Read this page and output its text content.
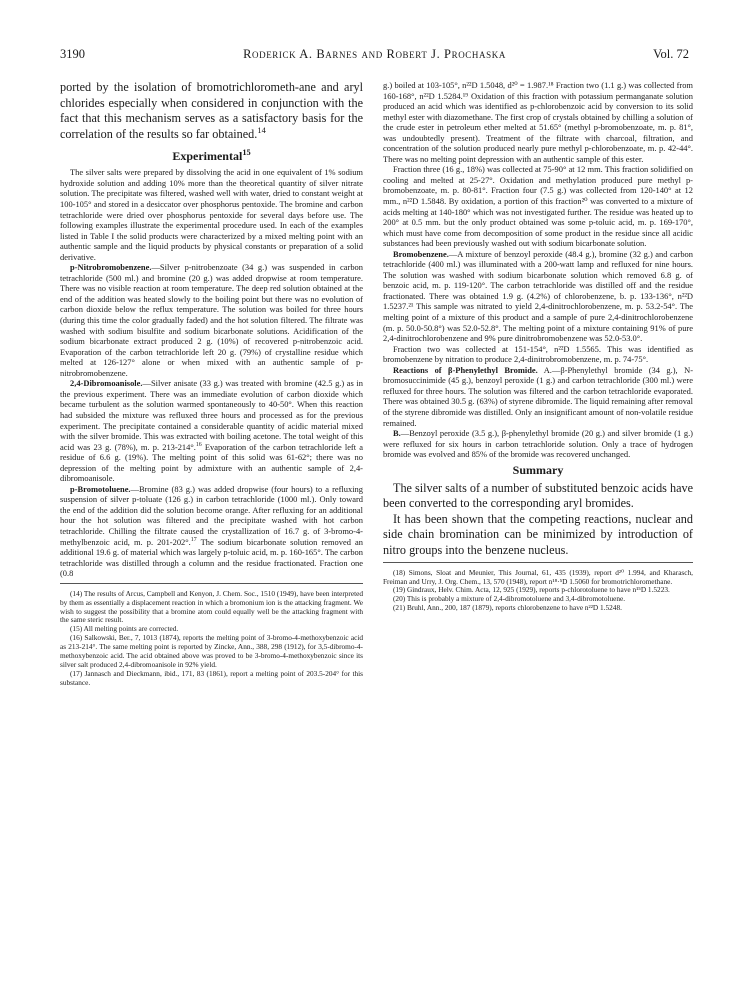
3190	Roderick A. Barnes and Robert J. Prochaska	Vol. 72

ported by the isolation of bromotrichlorometh-ane and aryl chlorides especially when considered in conjunction with the fact that this mechanism serves as a satisfactory basis for the correlation of the results so far obtained.$^{14}$

Experimental$^{15}$

The silver salts were prepared by dissolving the acid in one equivalent of 1% sodium hydroxide solution and adding 10% more than the theoretical quantity of silver nitrate solution. The precipitate was filtered, washed well with water, dried to constant weight at 100-105° and stored in a desiccator over phosphorus pentoxide. The bromine and carbon tetrachloride were dried over phosphorus pentoxide for several days before use. The following examples illustrate the experimental procedure used. In each of the examples listed in Table I the solid products were characterized by a mixed melting point with an authentic sample and the liquid products by physical constants or preparation of a solid derivative.

p-Nitrobromobenzene.—Silver p-nitrobenzoate (34 g.) was suspended in carbon tetrachloride (500 ml.) and bromine (20 g.) was added dropwise at room temperature. There was no visible reaction at room temperature. The deep red solution obtained at the end of the addition was heated slowly to the boiling point but there was no evolution of carbon dioxide below the reflux temperature. The solution was boiled for three hours (during this time the color gradually faded) and the hot solution filtered. The filtrate was washed with sodium bisulfite and sodium bicarbonate solutions. Acidification of the sodium bicarbonate extract produced 2 g. (10%) of recovered p-nitrobenzoic acid. Evaporation of the carbon tetrachloride left 20 g. (79%) of crystalline residue which melted at 126-127° alone or when mixed with an authentic sample of p-nitrobromobenzene.

2,4-Dibromoanisole.—Silver anisate (33 g.) was treated with bromine (42.5 g.) as in the previous experiment. There was an immediate evolution of carbon dioxide which became turbulent as the solution warmed spontaneously to 40-50°. When this reaction had subsided the mixture was refluxed three hours and processed as for the previous experiment. The precipitate contained a considerable quantity of acidic material mixed with the silver bromide. This was extracted with boiling acetone. The total weight of this acid was 23 g. (78%), m. p. 213-214°.$^{16}$ Evaporation of the carbon tetrachloride left a residue of 6.6 g. (19%). The melting point of this solid was 61-62°; there was no depression of the melting point by admixture with an authentic sample of 2,4-dibromoanisole.

p-Bromotoluene.—Bromine (83 g.) was added dropwise (four hours) to a refluxing suspension of silver p-toluate (126 g.) in carbon tetrachloride (1000 ml.). Only toward the end of the addition did the solution become orange. After refluxing for an additional hour the hot solution was filtered and the precipitate washed with hot carbon tetrachloride. Chilling the filtrate caused the crystallization of 16.7 g. of 3-bromo-4-methylbenzoic acid, m. p. 201-202°.$^{17}$ The sodium bicarbonate solution removed an additional 19.6 g. of material which was largely p-toluic acid, m. p. 160-165°. The carbon tetrachloride was distilled through a column and the residue fractionated. Fraction one (0.8

(14) The results of Arcus, Campbell and Kenyon, J. Chem. Soc., 1510 (1949), have been interpreted by them as essentially a displacement reaction in which a bromonium ion is the attacking fragment. We wish to suggest the possibility that a bromine atom could equally well be the attacking fragment with the same steric result.

(15) All melting points are corrected.

(16) Salkowski, Ber., 7, 1013 (1874), reports the melting point of 3-bromo-4-methoxybenzoic acid as 213-214°. The same melting point is reported by Zincke, Ann., 388, 298 (1912), for 3,5-dibromo-4-methoxybenzoic acid. The acid obtained above was proved to be 3-bromo-4-methoxybenzoic since its silver salt produced 2,4-dibromoanisole in 92% yield.

(17) Jannasch and Dieckmann, ibid., 171, 83 (1861), report a melting point of 203.5-204° for this substance.

g.) boiled at 103-105°, n²²D 1.5048, d²⁰ = 1.987.¹⁸ Fraction two (1.1 g.) was collected from 160-168°, n²²D 1.5284.¹⁹ Oxidation of this fraction with potassium permanganate solution produced an acid which was identified as p-chlorobenzoic acid by conversion to its solid methyl ester with diazomethane. The first crop of crystals obtained by chilling a solution of the crude ester in petroleum ether melted at 51.65° (methyl p-bromobenzoate, m. p. 81°, was undoubtedly present). Treatment of the filtrate with charcoal, filtration, and concentration of the solution produced nearly pure methyl p-chlorobenzoate, m. p. 42-44°. There was no melting point depression with an authentic sample of this ester.

Fraction three (16 g., 18%) was collected at 75-90° at 12 mm. This fraction solidified on cooling and melted at 25-27°. Oxidation and methylation produced pure methyl p-bromobenzoate, m. p. 80-81°. Fraction four (7.5 g.) was collected from 120-140° at 12 mm., n²²D 1.5848. By oxidation, a portion of this fraction²⁰ was converted to a mixture of acids melting at 140-180° which was not investigated further. The residue was heated up to 200° at 0.5 mm. but the only product obtained was some p-toluic acid, m. p. 169-170°, which must have come from decomposition of some product in the residue since all acidic substances had been previously washed out with sodium bicarbonate solution.

Bromobenzene.—A mixture of benzoyl peroxide (48.4 g.), bromine (32 g.) and carbon tetrachloride (400 ml.) was illuminated with a 200-watt lamp and refluxed for nine hours. The solution was washed with sodium bicarbonate solution which removed 6.8 g. of benzoic acid, m. p. 119-120°. The carbon tetrachloride was distilled off and the residue fractionated. There was obtained 1.9 g. (4.2%) of chlorobenzene, b. p. 133-136°, n²²D 1.5237.²¹ This sample was nitrated to yield 2,4-dinitrochlorobenzene, m. p. 53.2-54°. The melting point of a mixture of this product and a sample of pure 2,4-dinitrochlorobenzene (m. p. 50.0-50.8°) was 52.0-52.8°. The melting point of a mixture containing 91% of pure 2,4-dinitrochlorobenzene and 9% pure dinitrobromobenzene was 52.0-53.0°.

Fraction two was collected at 151-154°, n²²D 1.5565. This was identified as bromobenzene by nitration to produce 2,4-dinitrobromobenzene, m. p. 74-75°.

Reactions of β-Phenylethyl Bromide. A.—β-Phenylethyl bromide (34 g.), N-bromosuccinimide (45 g.), benzoyl peroxide (1 g.) and carbon tetrachloride (300 ml.) were refluxed for three hours. The solution was filtered and the carbon tetrachloride evaporated. There was obtained 30.5 g. (63%) of styrene dibromide. The liquid remaining after removal of the styrene dibromide was distilled. Only an insignificant amount of non-volatile residue remained.

B.—Benzoyl peroxide (3.5 g.), β-phenylethyl bromide (20 g.) and silver bromide (1 g.) were refluxed for six hours in carbon tetrachloride solution. Only a trace of hydrogen bromide was evolved and 85% of the bromide was recovered unchanged.

Summary

The silver salts of a number of substituted benzoic acids have been converted to the corresponding aryl bromides.

It has been shown that the competing reactions, nuclear and side chain bromination can be minimized by introduction of nitro groups into the benzene nucleus.

(18) Simons, Sloat and Meunier, This Journal, 61, 435 (1939), report d²⁰ 1.994, and Kharasch, Freiman and Urry, J. Org. Chem., 13, 570 (1948), report n¹⁸·⁵D 1.5060 for bromotrichloromethane.

(19) Gindraux, Helv. Chim. Acta, 12, 925 (1929), reports p-chlorotoluene to have n¹⁵D 1.5223.

(20) This is probably a mixture of 2,4-dibromotoluene and 3,4-dibromotoluene.

(21) Bruhl, Ann., 200, 187 (1879), reports chlorobenzene to have n²²D 1.5248.
